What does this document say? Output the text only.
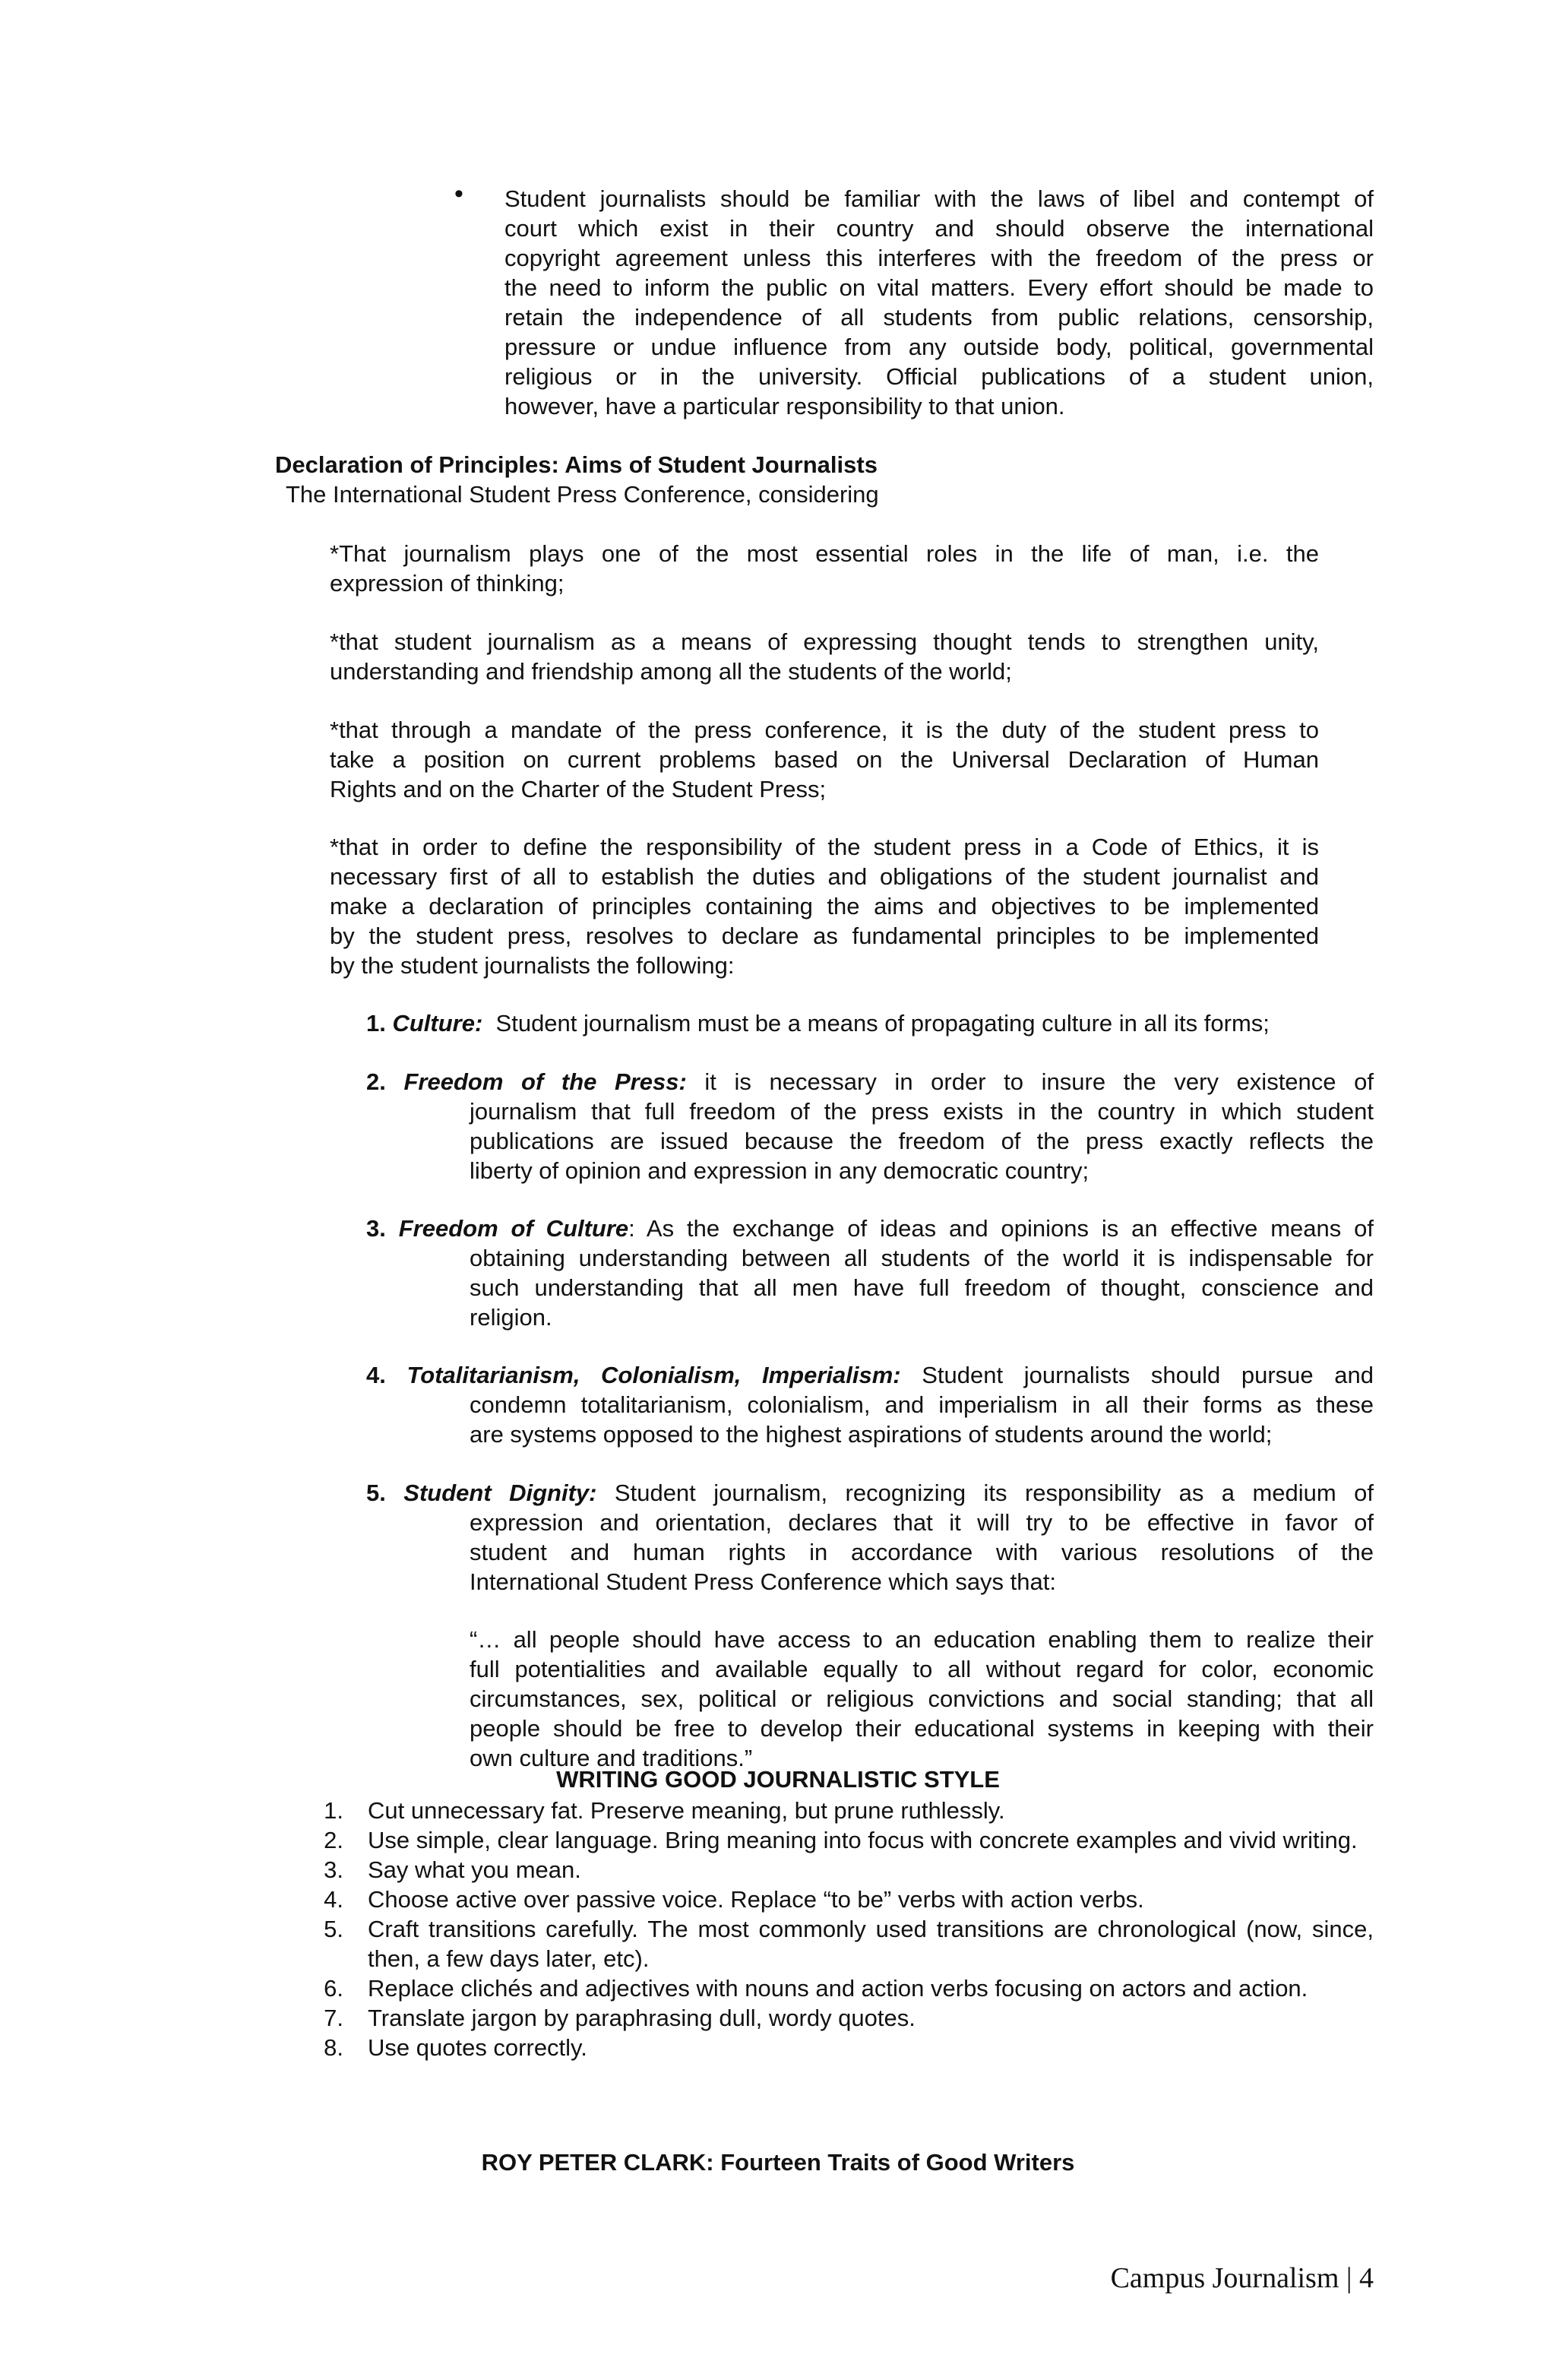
• Student journalists should be familiar with the laws of libel and contempt of
court which exist in their country and should observe the international
copyright agreement unless this interferes with the freedom of the press or
the need to inform the public on vital matters. Every effort should be made to
retain the independence of all students from public relations, censorship,
pressure or undue influence from any outside body, political, governmental
religious or in the university. Official publications of a student union,
however, have a particular responsibility to that union.
Declaration of Principles: Aims of Student Journalists
The International Student Press Conference, considering
*That journalism plays one of the most essential roles in the life of man, i.e. the
expression of thinking;
*that student journalism as a means of expressing thought tends to strengthen unity,
understanding and friendship among all the students of the world;
*that through a mandate of the press conference, it is the duty of the student press to
take a position on current problems based on the Universal Declaration of Human
Rights and on the Charter of the Student Press;
*that in order to define the responsibility of the student press in a Code of Ethics, it is
necessary first of all to establish the duties and obligations of the student journalist and
make a declaration of principles containing the aims and objectives to be implemented
by the student press, resolves to declare as fundamental principles to be implemented
by the student journalists the following:
1. Culture:  Student journalism must be a means of propagating culture in all its forms;
2. Freedom of the Press: it is necessary in order to insure the very existence of
journalism that full freedom of the press exists in the country in which student
publications are issued because the freedom of the press exactly reflects the
liberty of opinion and expression in any democratic country;
3. Freedom of Culture: As the exchange of ideas and opinions is an effective means of
obtaining understanding between all students of the world it is indispensable for
such understanding that all men have full freedom of thought, conscience and
religion.
4. Totalitarianism, Colonialism, Imperialism: Student journalists should pursue and
condemn totalitarianism, colonialism, and imperialism in all their forms as these
are systems opposed to the highest aspirations of students around the world;
5. Student Dignity: Student journalism, recognizing its responsibility as a medium of
expression and orientation, declares that it will try to be effective in favor of
student and human rights in accordance with various resolutions of the
International Student Press Conference which says that:
“… all people should have access to an education enabling them to realize their
full potentialities and available equally to all without regard for color, economic
circumstances, sex, political or religious convictions and social standing; that all
people should be free to develop their educational systems in keeping with their
own culture and traditions.”
WRITING GOOD JOURNALISTIC STYLE
1. Cut unnecessary fat. Preserve meaning, but prune ruthlessly.
2. Use simple, clear language. Bring meaning into focus with concrete examples and vivid writing.
3. Say what you mean.
4. Choose active over passive voice. Replace “to be” verbs with action verbs.
5. Craft transitions carefully. The most commonly used transitions are chronological (now, since, then, a few days later, etc).
6. Replace clichés and adjectives with nouns and action verbs focusing on actors and action.
7. Translate jargon by paraphrasing dull, wordy quotes.
8. Use quotes correctly.
ROY PETER CLARK: Fourteen Traits of Good Writers
Campus Journalism | 4
